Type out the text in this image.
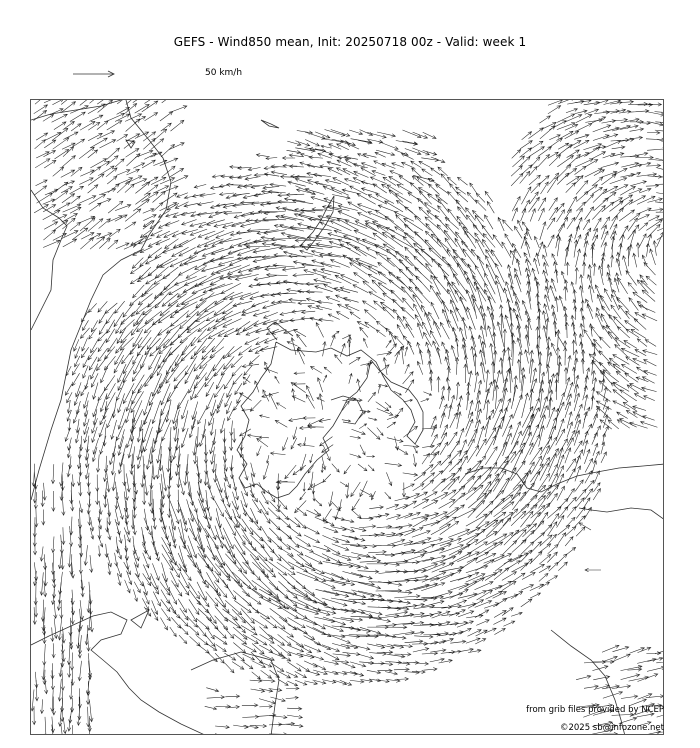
GEFS - Wind850 mean, Init: 20250718 00z - Valid: week 1
50 km/h
from grib files provided by NCEP
©2025 sb@infozone.net
